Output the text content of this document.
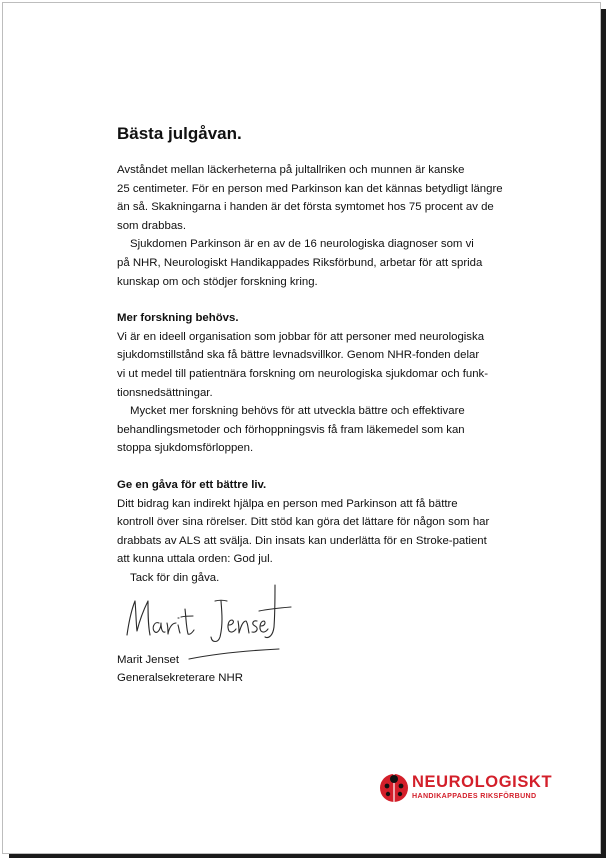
Bästa julgåvan.

Avståndet mellan läckerheterna på jultallriken och munnen är kanske
25 centimeter. För en person med Parkinson kan det kännas betydligt längre
än så. Skakningarna i handen är det första symtomet hos 75 procent av de
som drabbas.

Sjukdomen Parkinson är en av de 16 neurologiska diagnoser som vi
på NHR, Neurologiskt Handikappades Riksförbund, arbetar för att sprida
kunskap om och stödjer forskning kring.

Mer forskning behövs.

Vi är en ideell organisation som jobbar för att personer med neurologiska
sjukdomstillstånd ska få bättre levnadsvillkor. Genom NHR-fonden delar
vi ut medel till patientnära forskning om neurologiska sjukdomar och funk-
tionsnedsättningar.

Mycket mer forskning behövs för att utveckla bättre och effektivare
behandlingsmetoder och förhoppningsvis få fram läkemedel som kan
stoppa sjukdomsförloppen.

Ge en gåva för ett bättre liv.

Ditt bidrag kan indirekt hjälpa en person med Parkinson att få bättre
kontroll över sina rörelser. Ditt stöd kan göra det lättare för någon som har
drabbats av ALS att svälja. Din insats kan underlätta för en Stroke-patient
att kunna uttala orden: God jul.

Tack för din gåva.

Marit Jenset
Generalsekreterare NHR
NEUROLOGISKT
HANDIKAPPADES RIKSFÖRBUND
